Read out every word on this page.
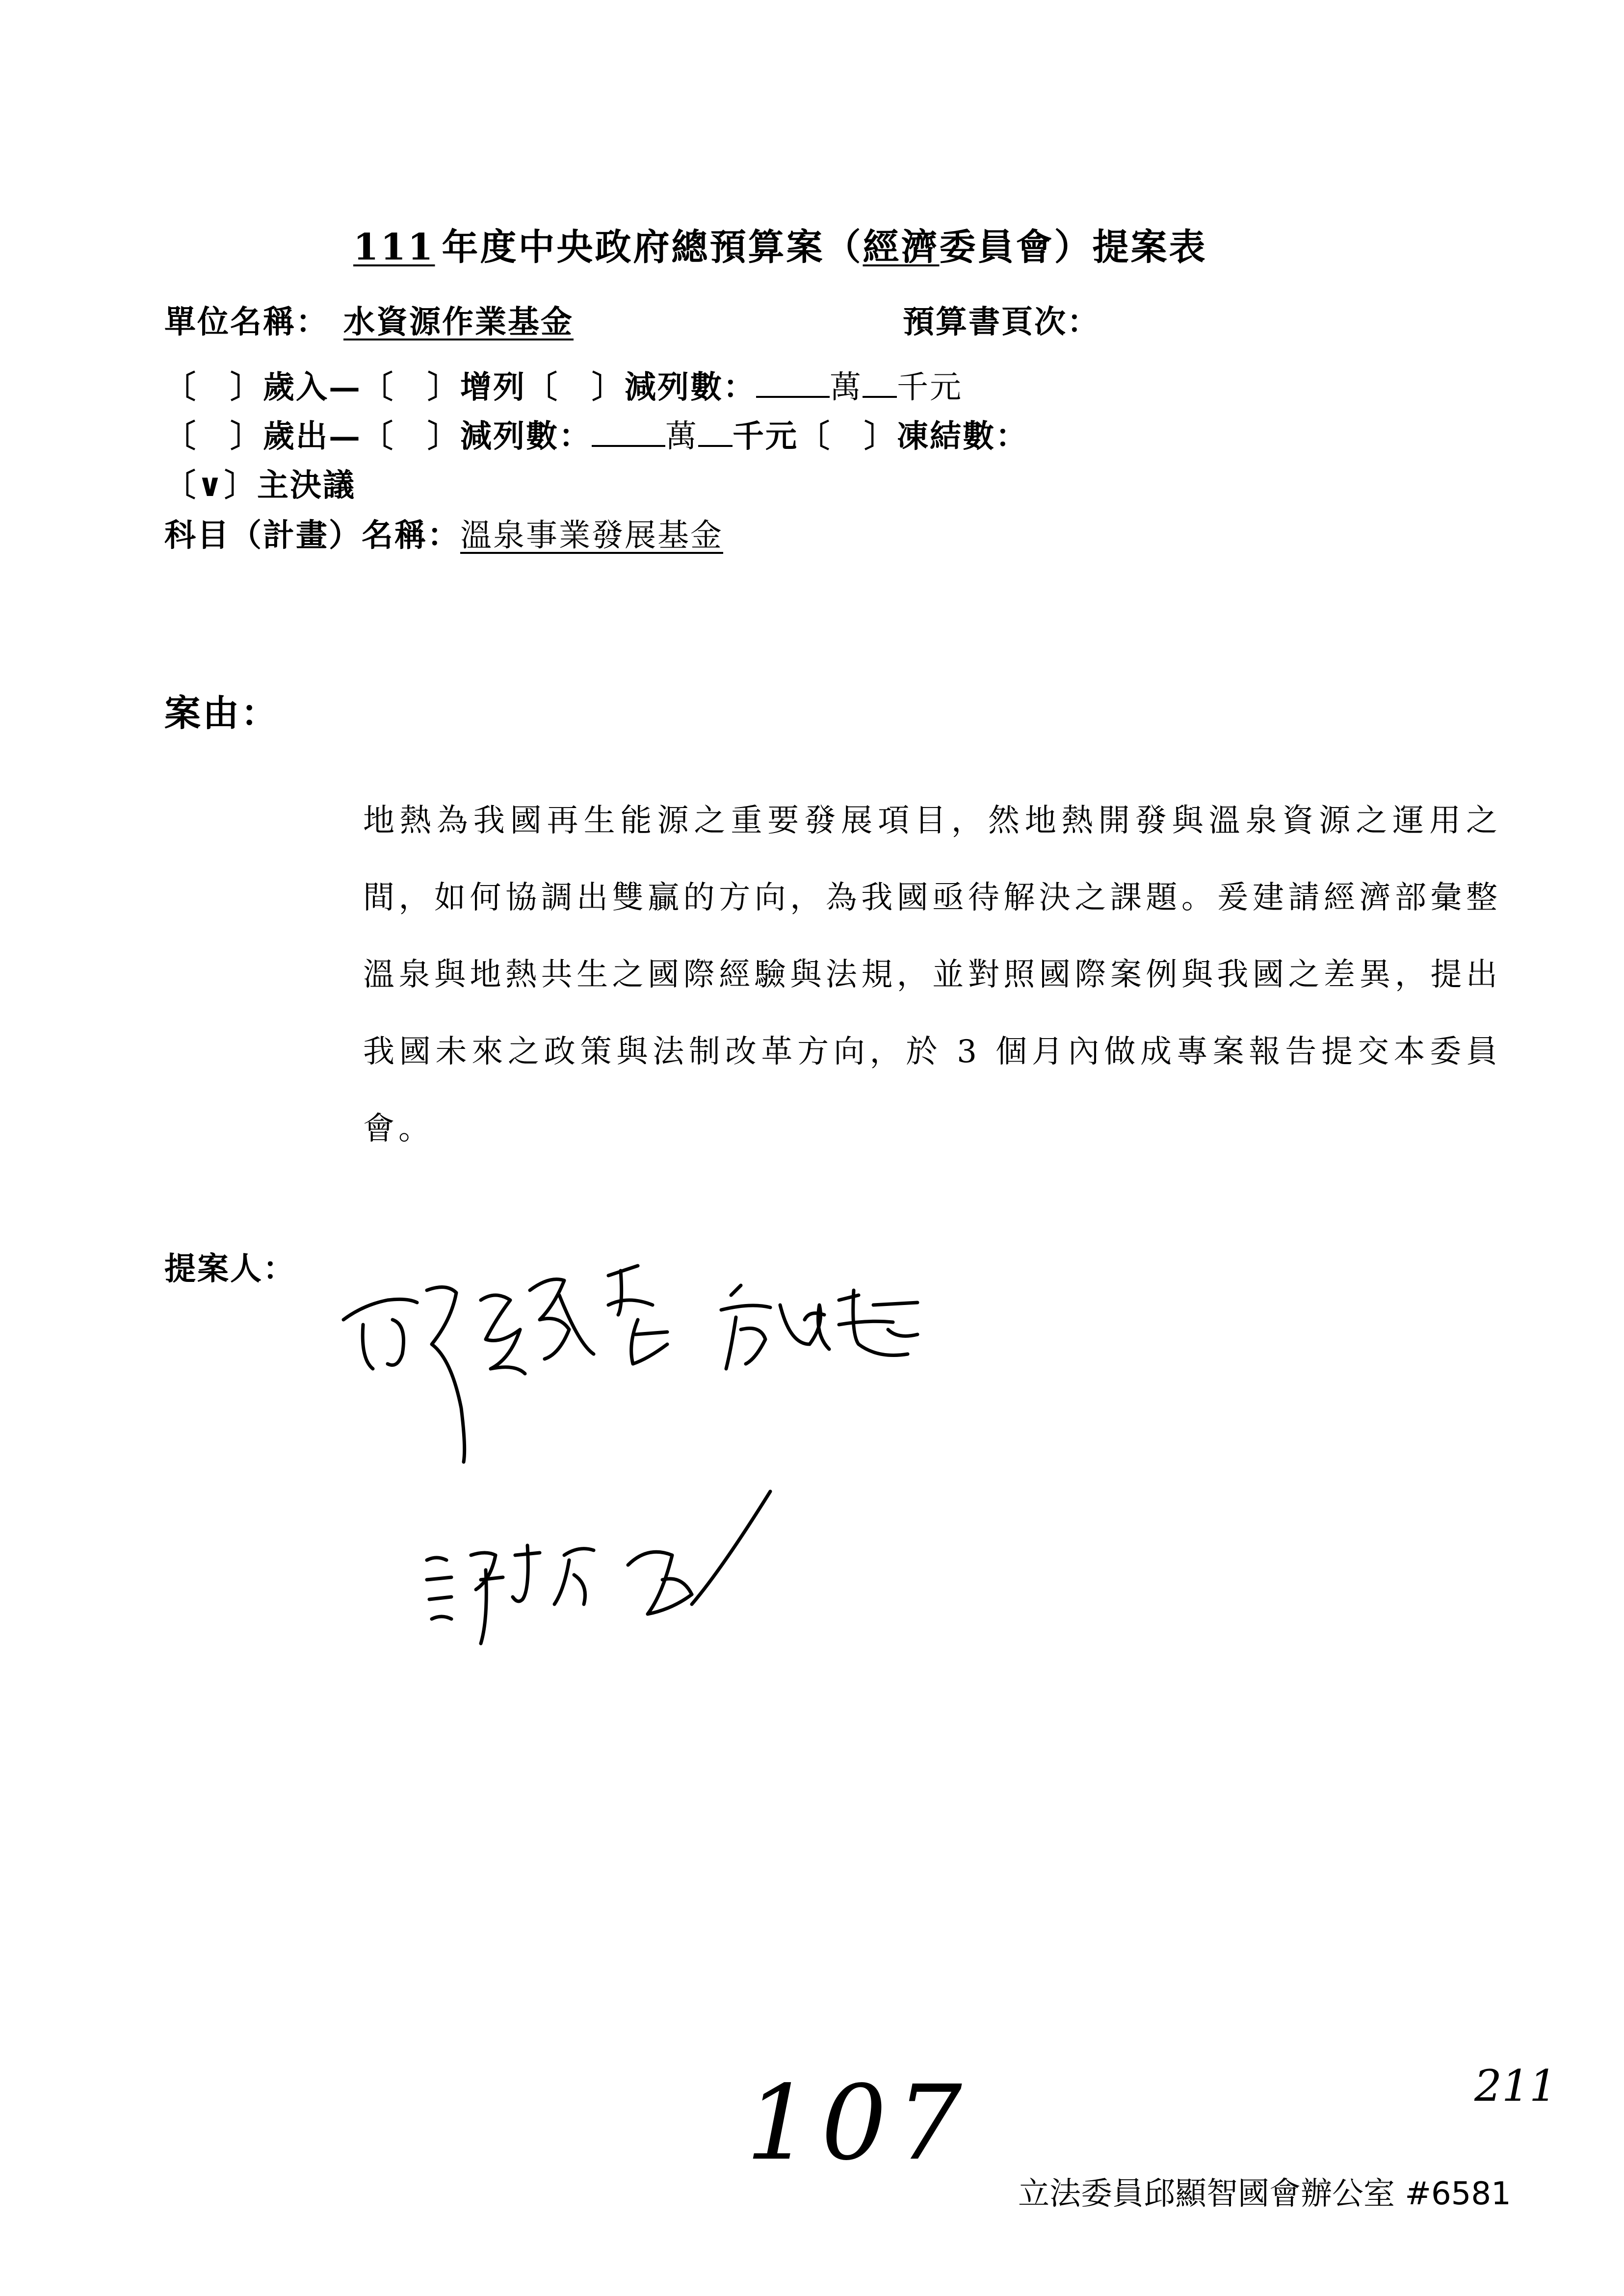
111 年度中央政府總預算案（經濟委員會）提案表
單位名稱： 水資源作業基金	預算書頁次：
〔　〕歲入—〔　〕增列〔　〕減列數： 萬 千元
〔　〕歲出—〔　〕減列數： 萬 千元〔　〕凍結數：
〔∨〕主決議
科目（計畫）名稱：溫泉事業發展基金
案由：
地熱為我國再生能源之重要發展項目，然地熱開發與溫泉資源之運用之間，如何協調出雙贏的方向，為我國亟待解決之課題。爰建請經濟部彙整溫泉與地熱共生之國際經驗與法規，並對照國際案例與我國之差異，提出我國未來之政策與法制改革方向，於 3 個月內做成專案報告提交本委員會。
提案人：
107	211
立法委員邱顯智國會辦公室 #6581
